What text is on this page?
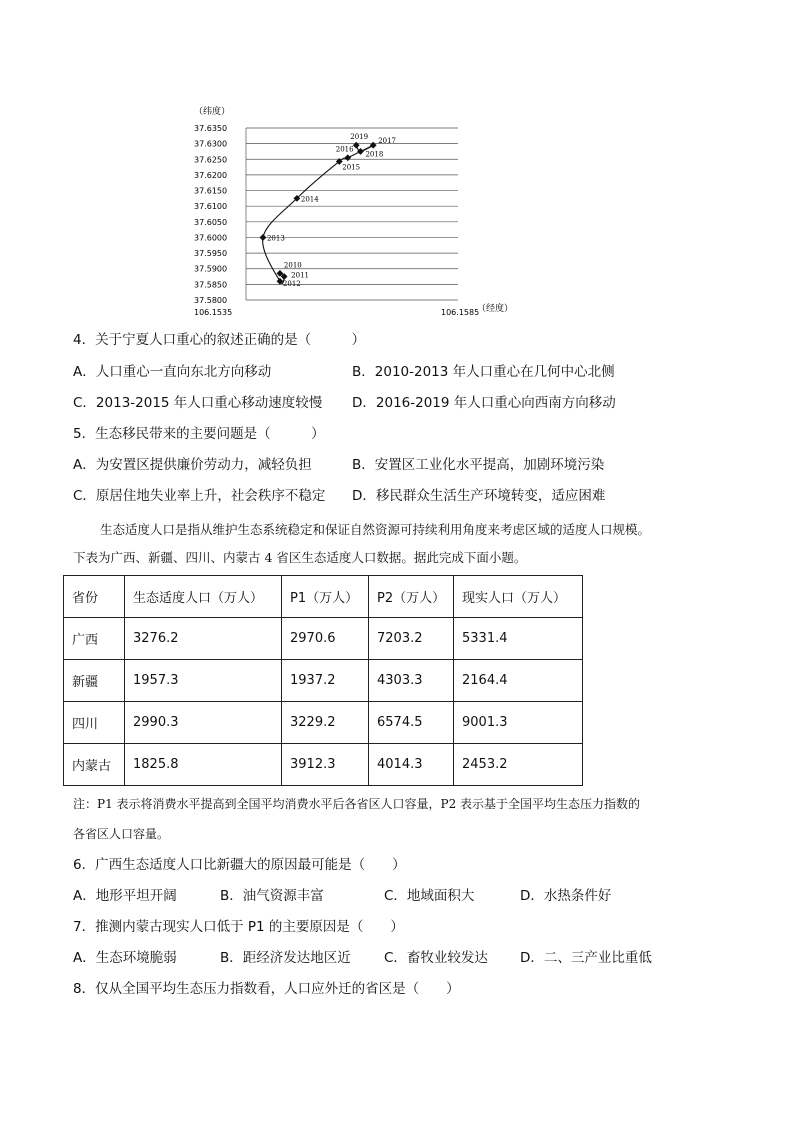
（纬度）
37.6350
37.6300
37.6250
37.6200
37.6150
37.6100
37.6050
37.6000
37.5950
37.5900
37.5850
37.5800
2010
2011
2012
2013
2014
2015
2016
2017
2018
2019
106.1535	106.1585
（经度）
4．关于宁夏人口重心的叙述正确的是（　　　）
A．人口重心一直向东北方向移动	B．2010-2013 年人口重心在几何中心北侧
C．2013-2015 年人口重心移动速度较慢 D．2016-2019 年人口重心向西南方向移动
5．生态移民带来的主要问题是（　　　）
A．为安置区提供廉价劳动力，减轻负担	B．安置区工业化水平提高，加剧环境污染
C．原居住地失业率上升，社会秩序不稳定 D．移民群众生活生产环境转变，适应困难
生态适度人口是指从维护生态系统稳定和保证自然资源可持续利用角度来考虑区域的适度人口规模。
下表为广西、新疆、四川、内蒙古 4 省区生态适度人口数据。据此完成下面小题。
省份	生态适度人口（万人）	P1（万人）	P2（万人）	现实人口（万人）
广西	3276.2	2970.6	7203.2	5331.4
新疆	1957.3	1937.2	4303.3	2164.4
四川	2990.3	3229.2	6574.5	9001.3
内蒙古	1825.8	3912.3	4014.3	2453.2
注：P1 表示将消费水平提高到全国平均消费水平后各省区人口容量，P2 表示基于全国平均生态压力指数的
各省区人口容量。
6．广西生态适度人口比新疆大的原因最可能是（　　）
A．地形平坦开阔	B．油气资源丰富	C．地域面积大	D．水热条件好
7．推测内蒙古现实人口低于 P1 的主要原因是（　　）
A．生态环境脆弱	B．距经济发达地区近 C．畜牧业较发达 D．二、三产业比重低
8．仅从全国平均生态压力指数看，人口应外迁的省区是（　　）
